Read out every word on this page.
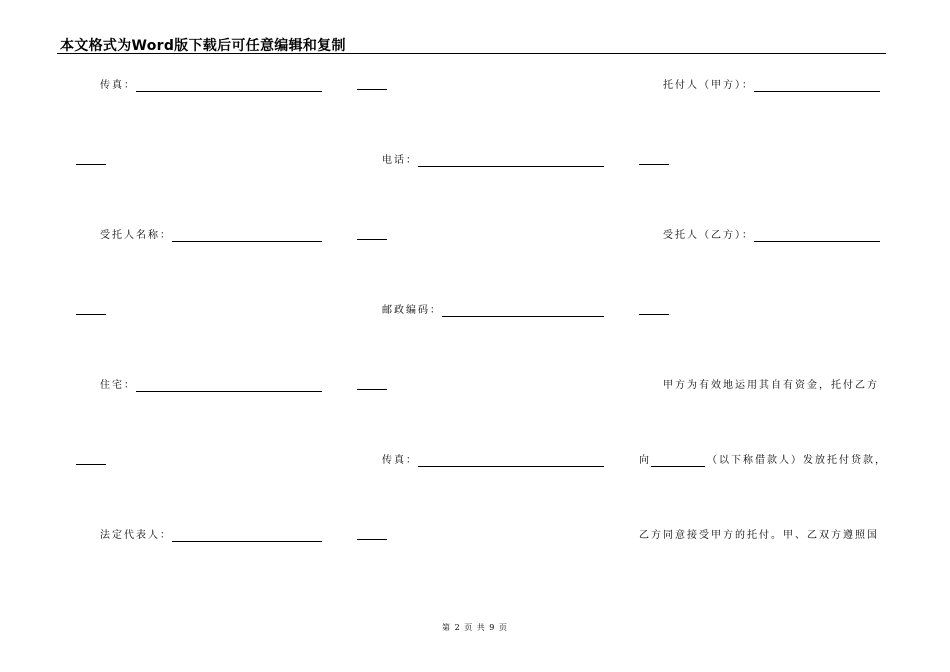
本文格式为Word版下载后可任意编辑和复制
传真：	托付人（甲方）：
电话：
受托人名称：	受托人（乙方）：
邮政编码：
住宅：	甲方为有效地运用其自有资金，托付乙方
传真：	向	（以下称借款人）发放托付贷款，
法定代表人：	乙方同意接受甲方的托付。甲、乙双方遵照国
第 2 页 共 9 页
